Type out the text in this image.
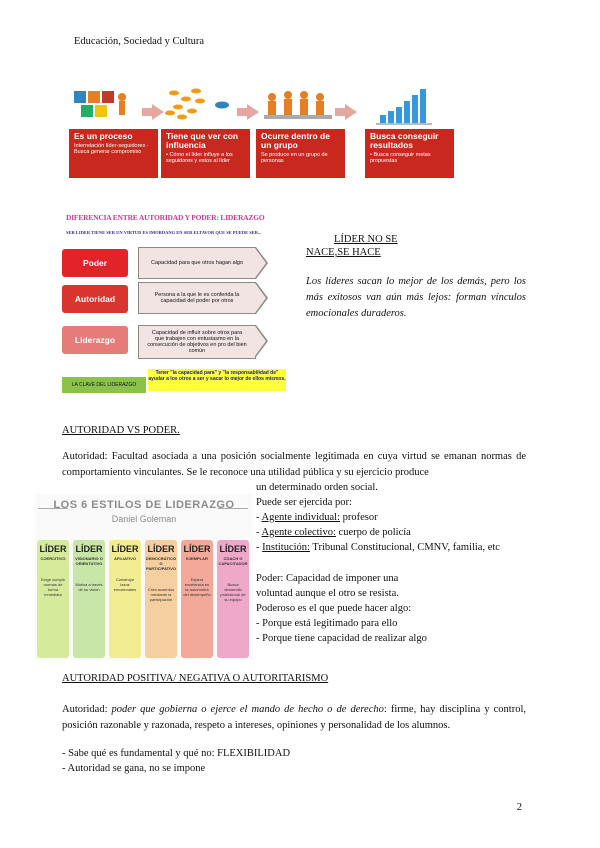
Educación, Sociedad y Cultura
Es un proceso
Interrelación líder-seguidores · Busca generar compromiso
Tiene que ver con influencia
• Cómo el líder influye a los seguidores y estos al líder
Ocurre dentro de un grupo
Se produce en un grupo de personas
Busca conseguir resultados
• Busca conseguir metas propuestas
DIFERENCIA ENTRE AUTORIDAD Y PODER: LIDERAZGO
SER LIDER TIENE SER UN VIRTUD ES IMORDANG EN SER ELTAVOR QUE SE PUEDE SER...
Poder	Capacidad para que otros hagan algo
Autoridad	Persona a la que le es conferida la capacidad del poder por otros
Liderazgo
Capacidad de influir sobre otros para que trabajen con entusiasmo en la consecución de objetivos en pro del bien común
LA CLAVE DEL LIDERAZGO
Tener "la capacidad para" y "la responsabilidad de" ayudar a los otros a ser y sacar lo mejor de ellos mismos.
LÍDER NO SE
NACE,SE HACE
Los líderes sacan lo mejor de los demás, pero los más exitosos van aún más lejos: forman vínculos emocionales duraderos.
AUTORIDAD VS PODER.
Autoridad: Facultad asociada a una posición socialmente legitimada en cuya virtud se emanan normas de comportamiento vinculantes. Se le reconoce una utilidad pública y su ejercicio produce
un determinado orden social.
Puede ser ejercida por:
- Agente individual: profesor
- Agente colectivo: cuerpo de policía
- Institución: Tribunal Constitucional, CMNV, familia, etc
Poder: Capacidad de imponer una
voluntad aunque el otro se resista.
Poderoso es el que puede hacer algo:
- Porque está legitimado para ello
- Porque tiene capacidad de realizar algo
LOS 6 ESTILOS DE LIDERAZGO
Daniel Goleman
LÍDER
COERCITIVO
Exige cumplir normas de forma inmediata
LÍDER
VISIONARIO O ORIENTATIVO
Motiva a través de su visión
LÍDER
AFILIATIVO
Construye lazos emocionales
LÍDER
DEMOCRÁTICO O PARTICIPATIVO
Crea acuerdos mediante la participación
LÍDER
EJEMPLAR
Espera excelencia en la autonomía del desempeño
LÍDER
COACH O CAPACITADOR
Busca desarrollo profesional de su equipo
AUTORIDAD POSITIVA/ NEGATIVA O AUTORITARISMO
Autoridad: poder que gobierna o ejerce el mando de hecho o de derecho: firme, hay disciplina y control, posición razonable y razonada, respeto a intereses, opiniones y personalidad de los alumnos.
- Sabe qué es fundamental y qué no: FLEXIBILIDAD
- Autoridad se gana, no se impone
2
